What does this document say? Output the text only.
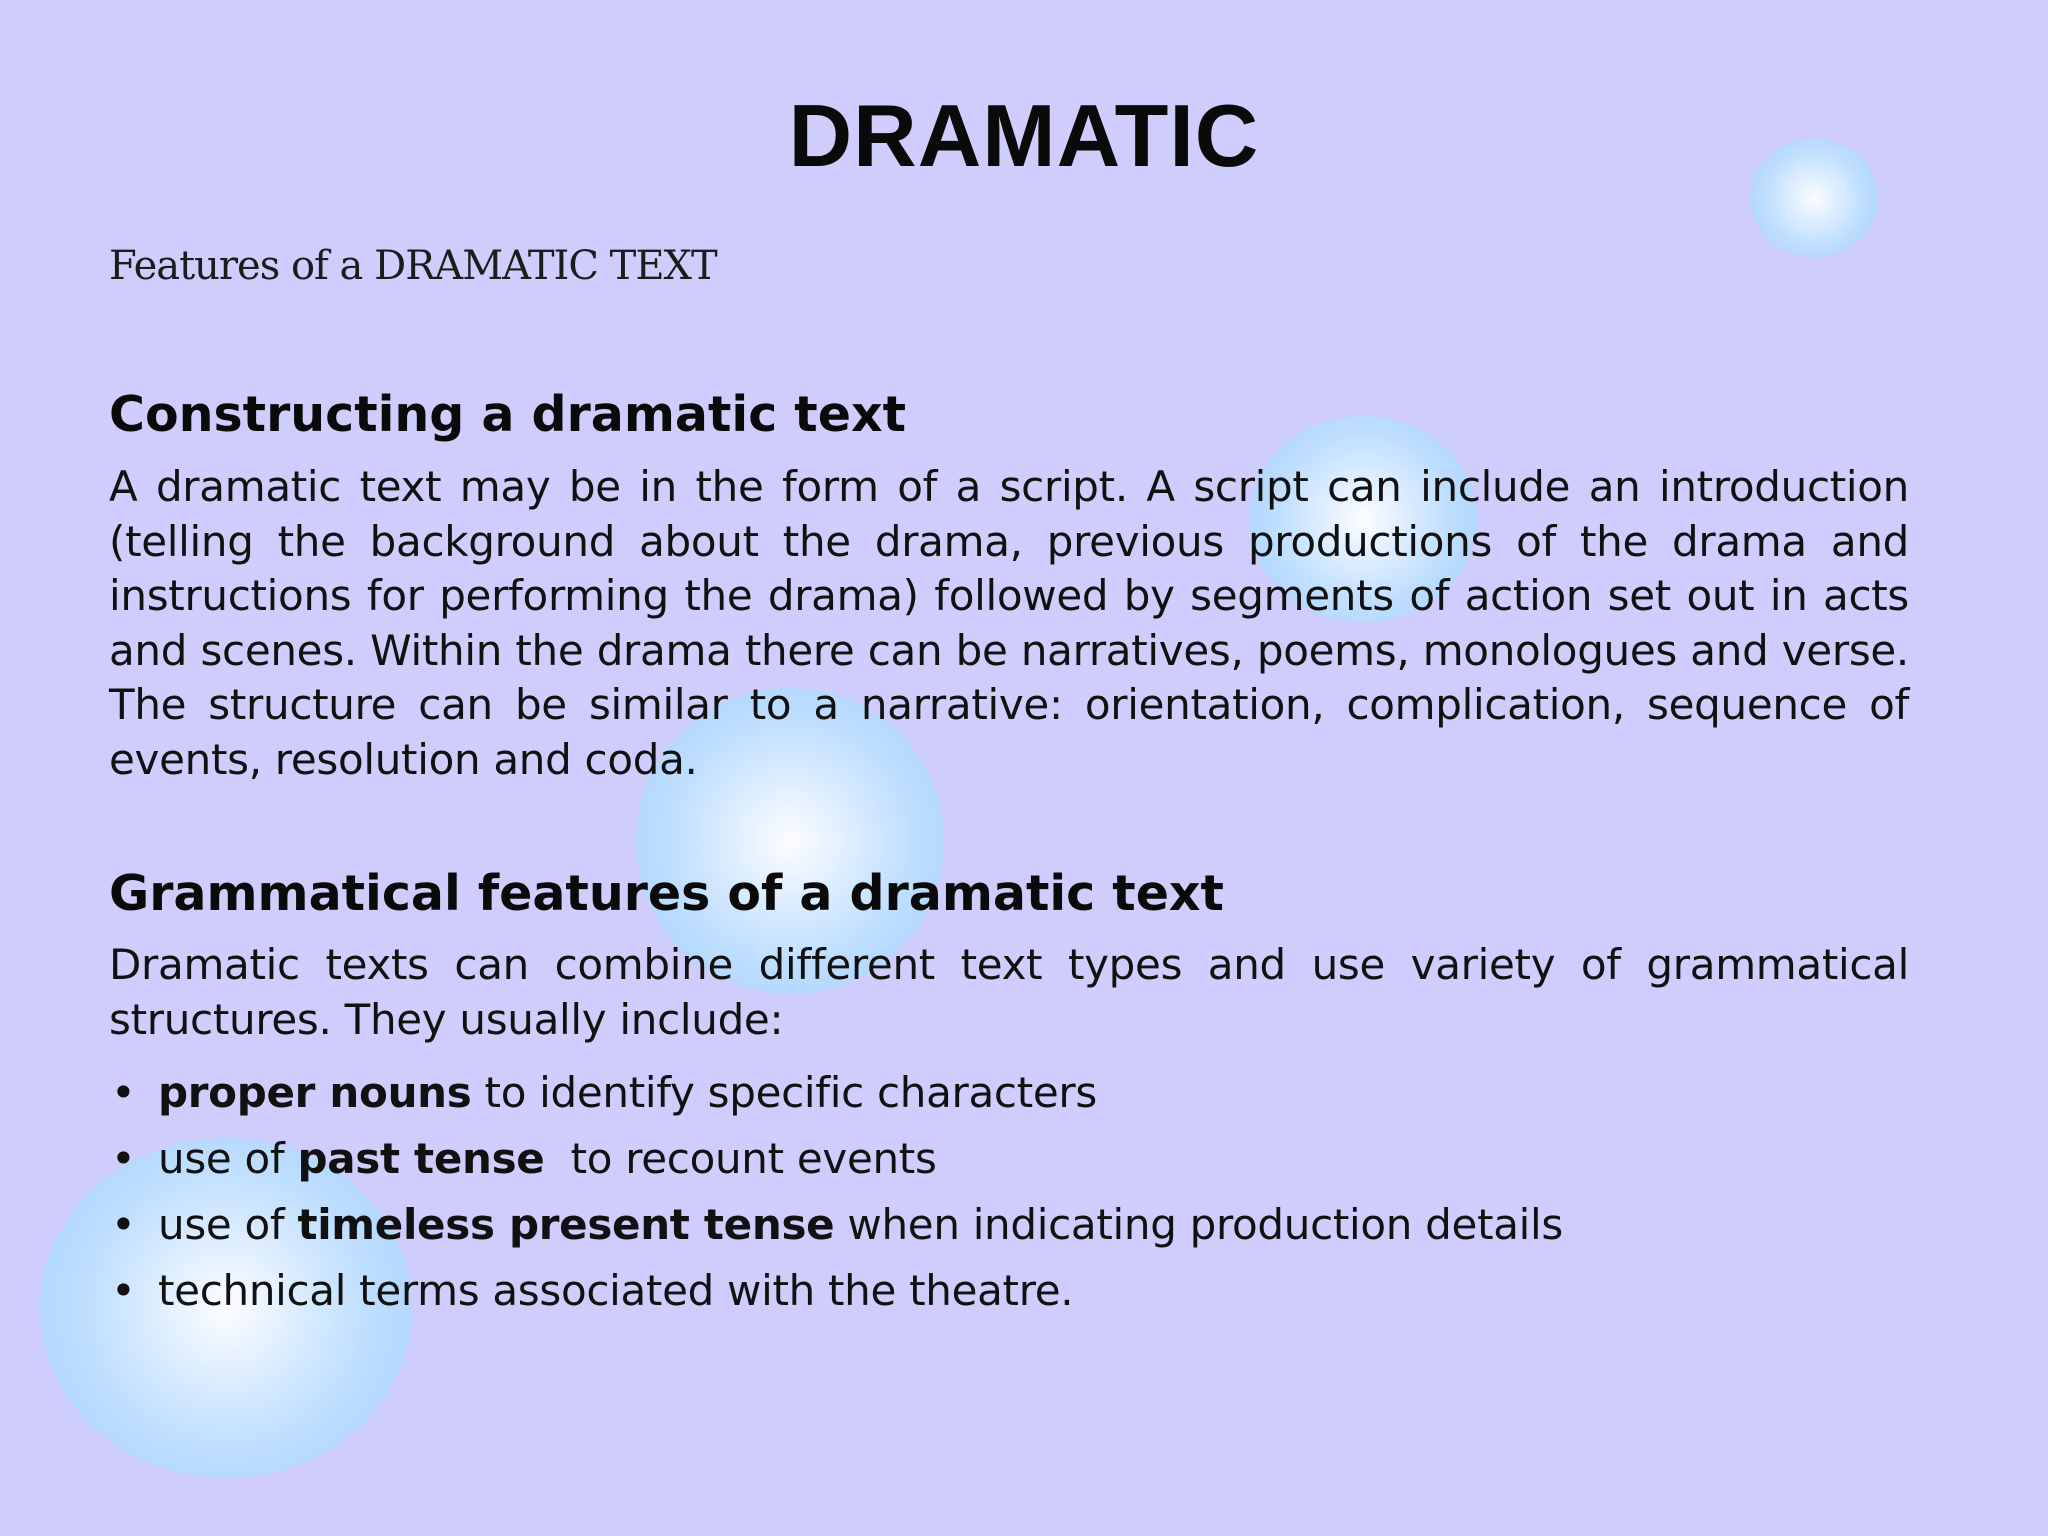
DRAMATIC
Features of a DRAMATIC TEXT
Constructing a dramatic text
A dramatic text may be in the form of a script. A script can include an introduction (telling the background about the drama, previous productions of the drama and instructions for performing the drama) followed by segments of action set out in acts and scenes. Within the drama there can be narratives, poems, monologues and verse. The structure can be similar to a narrative: orientation, complication, sequence of events, resolution and coda.
Grammatical features of a dramatic text
Dramatic texts can combine different text types and use variety of grammatical structures. They usually include:
• proper nouns to identify specific characters
• use of past tense  to recount events
• use of timeless present tense when indicating production details
• technical terms associated with the theatre.
